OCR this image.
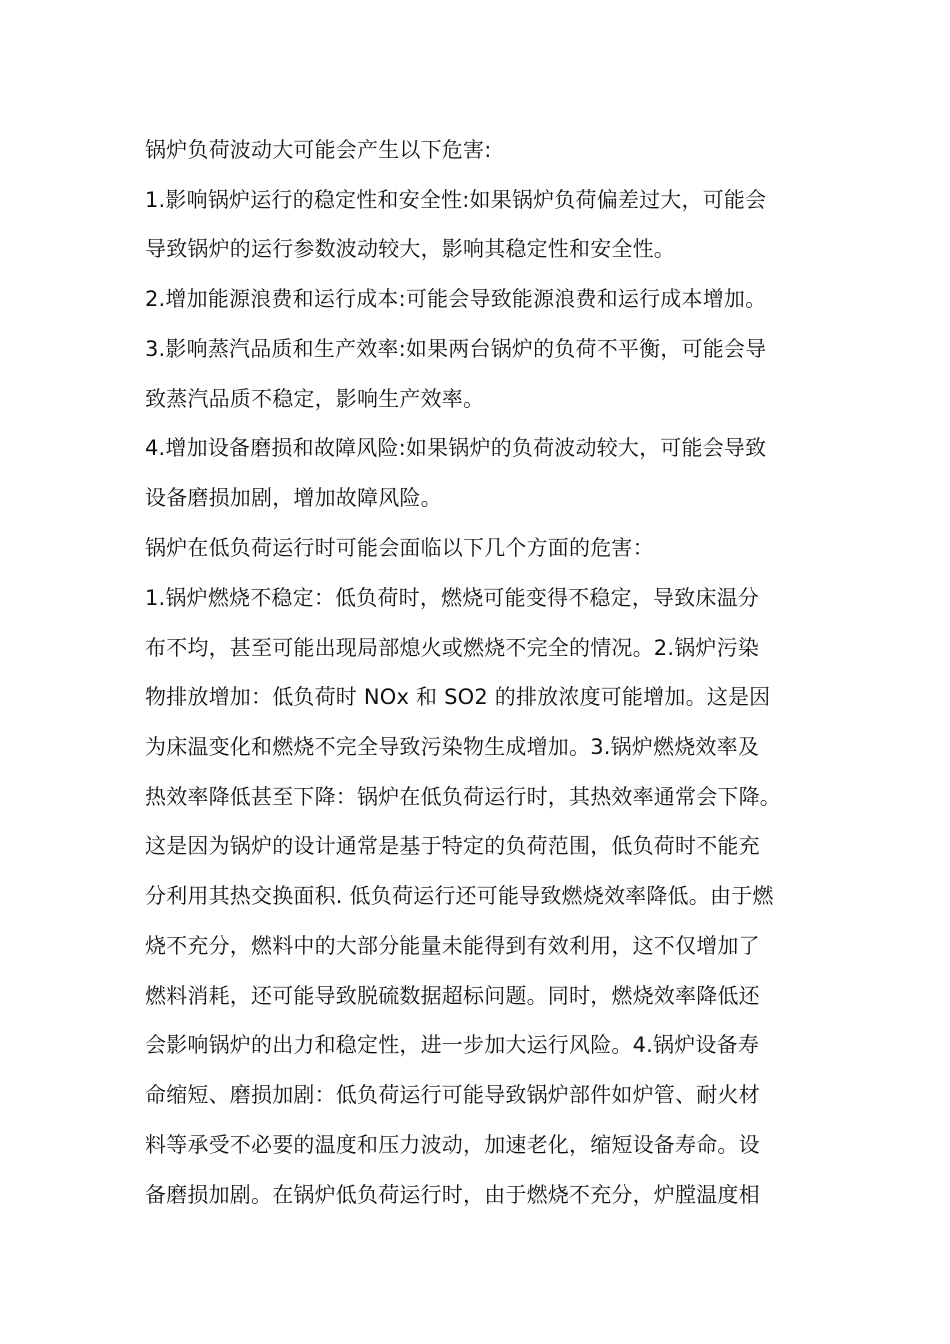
锅炉负荷波动大可能会产生以下危害:
1.影响锅炉运行的稳定性和安全性:如果锅炉负荷偏差过大，可能会
导致锅炉的运行参数波动较大，影响其稳定性和安全性。
2.增加能源浪费和运行成本:可能会导致能源浪费和运行成本增加。
3.影响蒸汽品质和生产效率:如果两台锅炉的负荷不平衡，可能会导
致蒸汽品质不稳定，影响生产效率。
4.增加设备磨损和故障风险:如果锅炉的负荷波动较大，可能会导致
设备磨损加剧，增加故障风险。
锅炉在低负荷运行时可能会面临以下几个方面的危害：
1.锅炉燃烧不稳定：低负荷时，燃烧可能变得不稳定，导致床温分
布不均，甚至可能出现局部熄火或燃烧不完全的情况。2.锅炉污染
物排放增加：低负荷时 NOx 和 SO2 的排放浓度可能增加。这是因
为床温变化和燃烧不完全导致污染物生成增加。3.锅炉燃烧效率及
热效率降低甚至下降：锅炉在低负荷运行时，其热效率通常会下降。
这是因为锅炉的设计通常是基于特定的负荷范围，低负荷时不能充
分利用其热交换面积. 低负荷运行还可能导致燃烧效率降低。由于燃
烧不充分，燃料中的大部分能量未能得到有效利用，这不仅增加了
燃料消耗，还可能导致脱硫数据超标问题。同时，燃烧效率降低还
会影响锅炉的出力和稳定性，进一步加大运行风险。4.锅炉设备寿
命缩短、磨损加剧：低负荷运行可能导致锅炉部件如炉管、耐火材
料等承受不必要的温度和压力波动，加速老化，缩短设备寿命。设
备磨损加剧。在锅炉低负荷运行时，由于燃烧不充分，炉膛温度相
